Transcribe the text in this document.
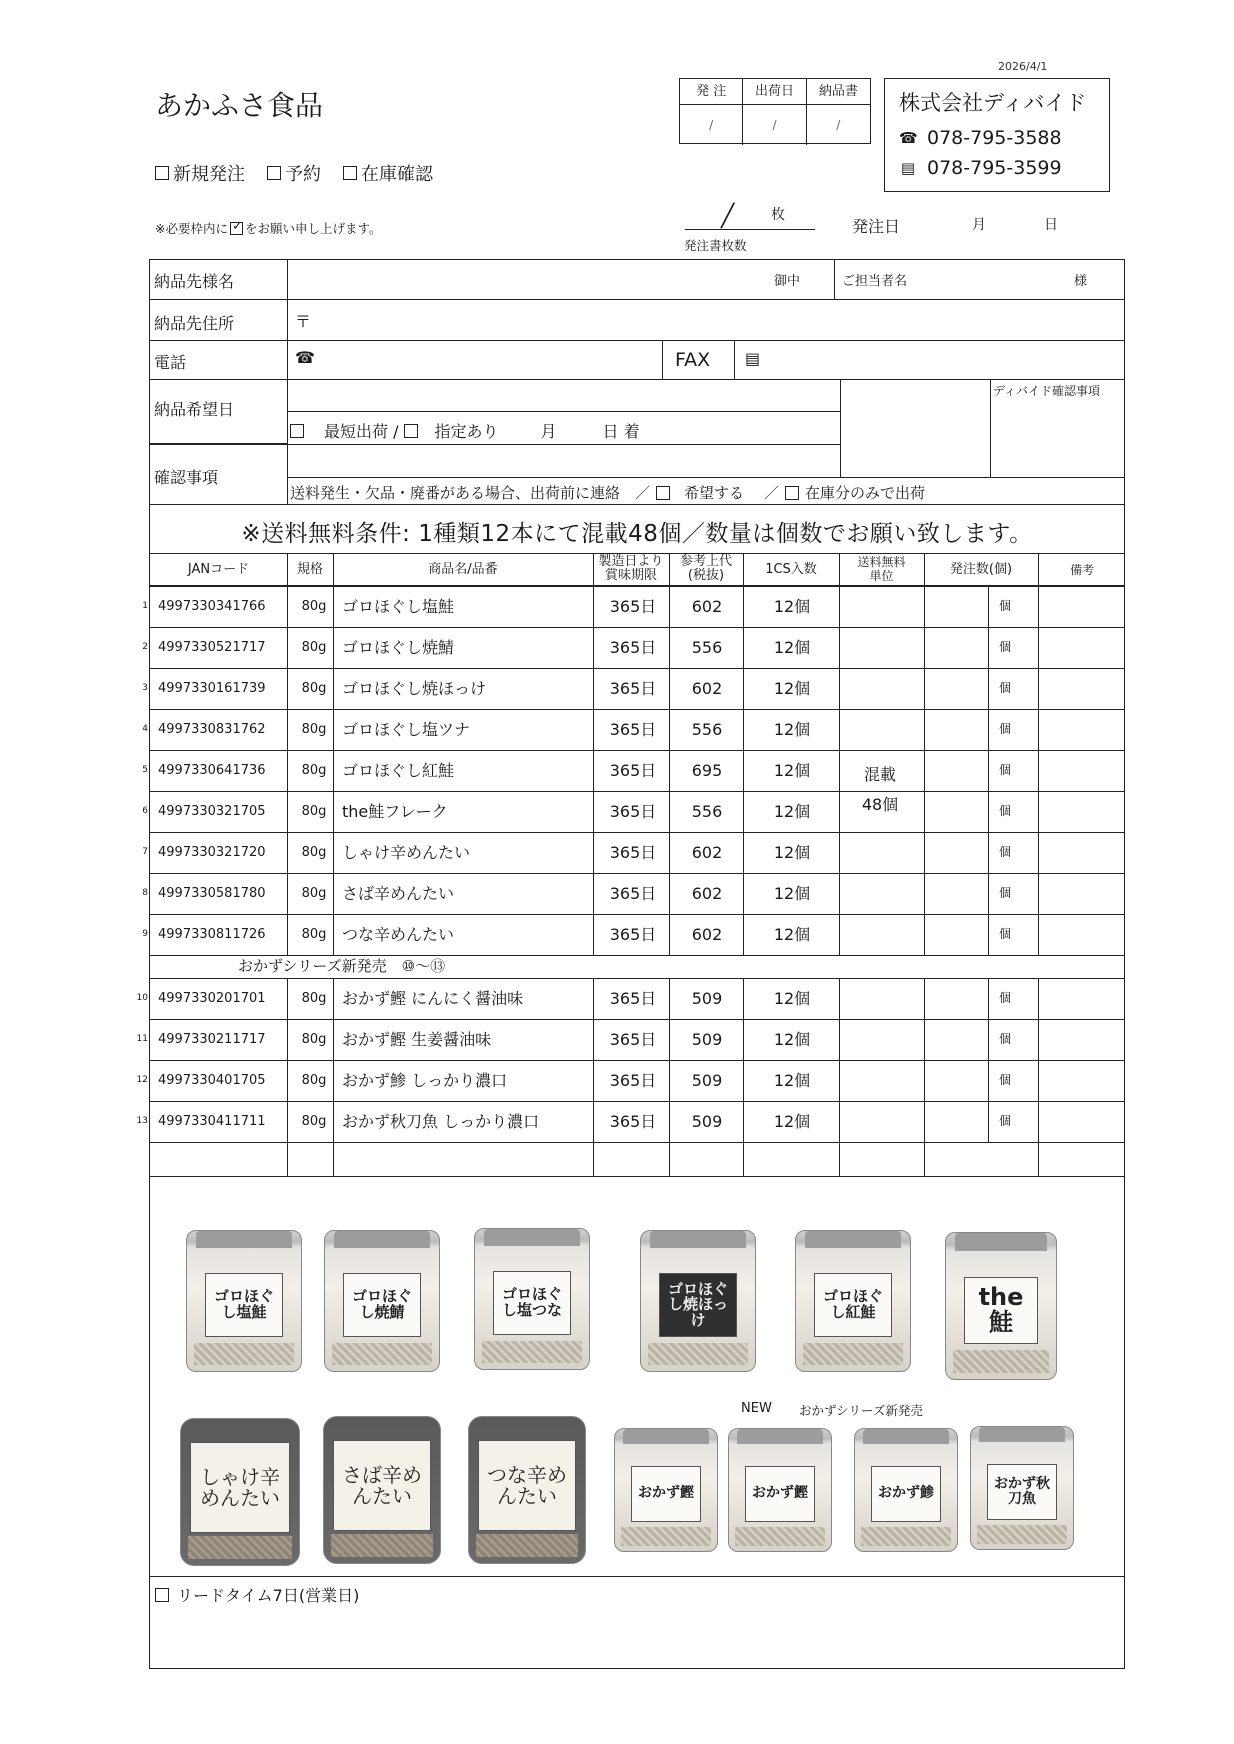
2026/4/1
あかふさ食品	発 注	出荷日	納品書
/	/	/
株式会社ディバイド
☎ 078-795-3588
▤ 078-795-3599
新規発注 予約 在庫確認
※必要枠内に
✓ をお願い申し上げます。	╱	枚
発注書枚数
発注日	月	日
納品先様名	御中	ご担当者名	様
納品先住所	〒
電話	☎	FAX ▤
納品希望日
最短出荷 / 指定あり	月	日 着
ディバイド確認事項
確認事項
送料発生・欠品・廃番がある場合、出荷前に連絡　／ 希望する ／ 在庫分のみで出荷
※送料無料条件: 1種類12本にて混載48個／数量は個数でお願い致します。
JANコード	規格	商品名/品番
製造日より
賞味期限
参考上代
(税抜)	1CS入数	送料無料
単位	発注数(個)	備考
1 4997330341766	80g ゴロほぐし塩鮭	365日	602	12個	個
2 4997330521717	80g ゴロほぐし焼鯖	365日	556	12個	個
3 4997330161739	80g ゴロほぐし焼ほっけ	365日	602	12個	個
4 4997330831762	80g ゴロほぐし塩ツナ	365日	556	12個	個
5 4997330641736	80g ゴロほぐし紅鮭	365日	695	12個	個
6 4997330321705	80g the鮭フレーク	365日	556	12個	個
7 4997330321720	80g しゃけ辛めんたい	365日	602	12個	個
8 4997330581780	80g さば辛めんたい	365日	602	12個	個
9 4997330811726	80g つな辛めんたい	365日	602	12個	個
おかずシリーズ新発売　⑩～⑬
10 4997330201701	80g おかず鰹 にんにく醤油味	365日	509	12個	個
11 4997330211717	80g おかず鰹 生姜醤油味	365日	509	12個	個
12 4997330401705	80g おかず鯵 しっかり濃口	365日	509	12個	個
13 4997330411711	80g おかず秋刀魚 しっかり濃口	365日	509	12個	個
混載
48個
ゴロほぐし塩鮭
ゴロほぐし焼鯖
ゴロほぐし塩つな
ゴロほぐし焼ほっけ
ゴロほぐし紅鮭
the鮭
しゃけ辛めんたい
さば辛めんたい
つな辛めんたい	おかず鰹	おかず鰹	おかず鯵
おかず秋刀魚
NEW おかずシリーズ新発売
リードタイム7日(営業日)
